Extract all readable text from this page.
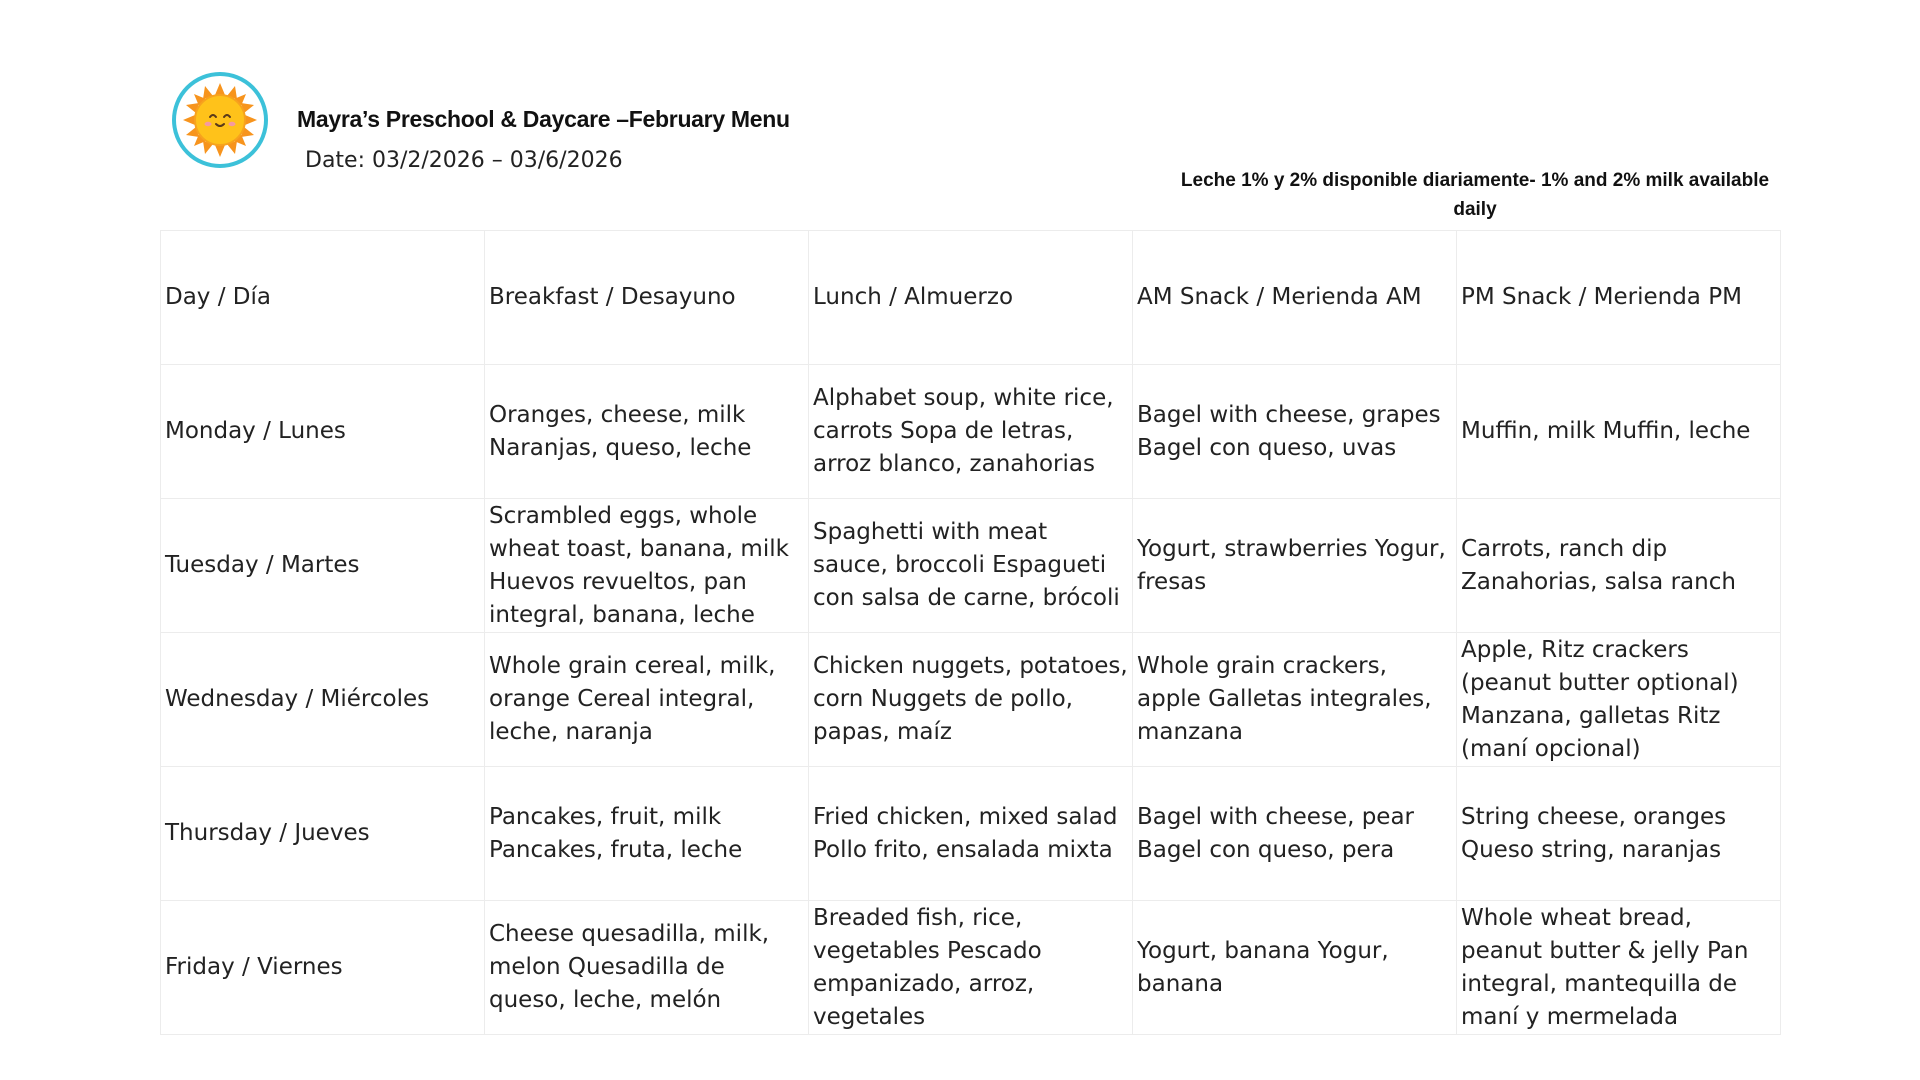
Mayra’s Preschool & Daycare –February Menu
Date: 03/2/2026 – 03/6/2026
Leche 1% y 2% disponible diariamente- 1% and 2% milk available daily
Day / Día	Breakfast / Desayuno	Lunch / Almuerzo	AM Snack / Merienda AM	PM Snack / Merienda PM
Monday / Lunes	Oranges, cheese, milk Naranjas, queso, leche	Alphabet soup, white rice, carrots Sopa de letras, arroz blanco, zanahorias	Bagel with cheese, grapes Bagel con queso, uvas	Muffin, milk Muffin, leche
Tuesday / Martes	Scrambled eggs, whole wheat toast, banana, milk Huevos revueltos, pan integral, banana, leche	Spaghetti with meat sauce, broccoli Espagueti con salsa de carne, brócoli	Yogurt, strawberries Yogur, fresas	Carrots, ranch dip Zanahorias, salsa ranch
Wednesday / Miércoles	Whole grain cereal, milk, orange Cereal integral, leche, naranja	Chicken nuggets, potatoes, corn Nuggets de pollo, papas, maíz	Whole grain crackers, apple Galletas integrales, manzana	Apple, Ritz crackers (peanut butter optional) Manzana, galletas Ritz (maní opcional)
Thursday / Jueves	Pancakes, fruit, milk Pancakes, fruta, leche	Fried chicken, mixed salad Pollo frito, ensalada mixta	Bagel with cheese, pear Bagel con queso, pera	String cheese, oranges Queso string, naranjas
Friday / Viernes	Cheese quesadilla, milk, melon Quesadilla de queso, leche, melón	Breaded fish, rice, vegetables Pescado empanizado, arroz, vegetales	Yogurt, banana Yogur, banana	Whole wheat bread, peanut butter & jelly Pan integral, mantequilla de maní y mermelada
